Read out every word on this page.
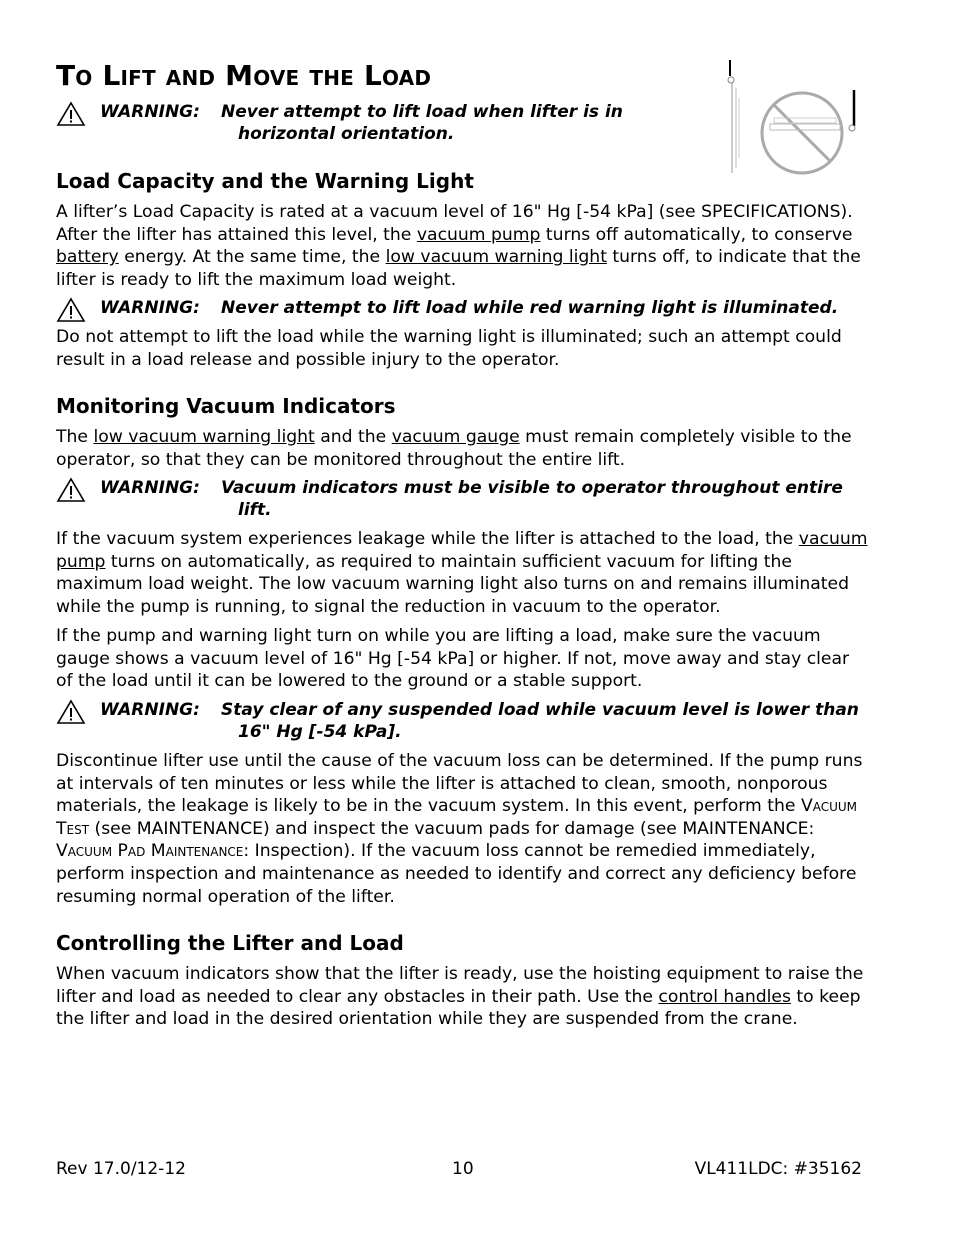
To Lift and Move the Load
WARNING: Never attempt to lift load when lifter is in
horizontal orientation.
Load Capacity and the Warning Light

A lifter’s Load Capacity is rated at a vacuum level of 16" Hg [-54 kPa] (see SPECIFICATIONS). After the lifter has attained this level, the vacuum pump turns off automatically, to conserve battery energy. At the same time, the low vacuum warning light turns off, to indicate that the lifter is ready to lift the maximum load weight.

WARNING: Never attempt to lift load while red warning light is illuminated.

Do not attempt to lift the load while the warning light is illuminated; such an attempt could result in a load release and possible injury to the operator.

Monitoring Vacuum Indicators

The low vacuum warning light and the vacuum gauge must remain completely visible to the operator, so that they can be monitored throughout the entire lift.

WARNING: Vacuum indicators must be visible to operator throughout entire
lift.

If the vacuum system experiences leakage while the lifter is attached to the load, the vacuum pump turns on automatically, as required to maintain sufficient vacuum for lifting the maximum load weight. The low vacuum warning light also turns on and remains illuminated while the pump is running, to signal the reduction in vacuum to the operator.

If the pump and warning light turn on while you are lifting a load, make sure the vacuum gauge shows a vacuum level of 16" Hg [-54 kPa] or higher. If not, move away and stay clear of the load until it can be lowered to the ground or a stable support.

WARNING: Stay clear of any suspended load while vacuum level is lower than
16" Hg [-54 kPa].

Discontinue lifter use until the cause of the vacuum loss can be determined. If the pump runs at intervals of ten minutes or less while the lifter is attached to clean, smooth, nonporous materials, the leakage is likely to be in the vacuum system. In this event, perform the Vacuum Test (see MAINTENANCE) and inspect the vacuum pads for damage (see MAINTENANCE: Vacuum Pad Maintenance: Inspection). If the vacuum loss cannot be remedied immediately, perform inspection and maintenance as needed to identify and correct any deficiency before resuming normal operation of the lifter.

Controlling the Lifter and Load

When vacuum indicators show that the lifter is ready, use the hoisting equipment to raise the lifter and load as needed to clear any obstacles in their path. Use the control handles to keep the lifter and load in the desired orientation while they are suspended from the crane.

Rev 17.0/12-12	10	VL411LDC: #35162
